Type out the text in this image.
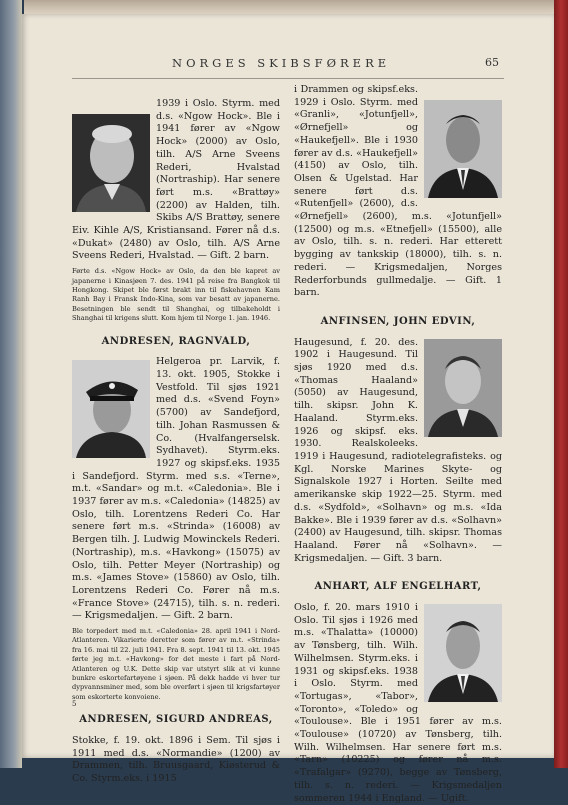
NORGES SKIBSFØRERE	65

1939 i Oslo. Styrm. med d.s. «Ngow Hock». Ble i 1941 fører av «Ngow Hock» (2000) av Oslo, tilh. A/S Arne Sveens Rederi, Hvalstad (Nortraship). Har senere ført m.s. «Brattøy» (2200) av Halden, tilh. Skibs A/S Brattøy, senere Eiv. Kihle A/S, Kristiansand. Fører nå d.s. «Dukat» (2480) av Oslo, tilh. A/S Arne Sveens Rederi, Hvalstad. — Gift. 2 barn.

Førte d.s. «Ngow Hock» av Oslo, da den ble kapret av japanerne i Kinasjøen 7. des. 1941 på reise fra Bangkok til Hongkong. Skipet ble først brakt inn til fiskehavnen Kam Ranh Bay i Fransk Indo-Kina, som var besatt av japanerne. Besetningen ble sendt til Shanghai, og tilbakeholdt i Shanghai til krigens slutt. Kom hjem til Norge 1. jan. 1946.

ANDRESEN, RAGNVALD,

Helgeroa pr. Larvik, f. 13. okt. 1905, Stokke i Vestfold. Til sjøs 1921 med d.s. «Svend Foyn» (5700) av Sandefjord, tilh. Johan Rasmussen & Co. (Hvalfangerselsk. Sydhavet). Styrm.eks. 1927 og skipsf.eks. 1935 i Sandefjord. Styrm. med s.s. «Terne», m.t. «Sandar» og m.t. «Caledonia». Ble i 1937 fører av m.s. «Caledonia» (14825) av Oslo, tilh. Lorentzens Rederi Co. Har senere ført m.s. «Strinda» (16008) av Bergen tilh. J. Ludwig Mowinckels Rederi. (Nortraship), m.s. «Havkong» (15075) av Oslo, tilh. Petter Meyer (Nortraship) og m.s. «James Stove» (15860) av Oslo, tilh. Lorentzens Rederi Co. Fører nå m.s. «France Stove» (24715), tilh. s. n. rederi. — Krigsmedaljen. — Gift. 2 barn.

Ble torpedert med m.t. «Caledonia» 28. april 1941 i Nord-Atlanteren. Vikarierte deretter som fører av m.t. «Strinda» fra 16. mai til 22. juli 1941. Fra 8. sept. 1941 til 13. okt. 1945 førte jeg m.t. «Havkong» for det meste i fart på Nord-Atlanteren og U.K. Dette skip var utstyrt slik at vi kunne bunkre eskortefartøyene i sjøen. På dekk hadde vi hver tur dypvannsminer med, som ble overført i sjøen til krigsfartøyer som eskorterte konvoiene.

ANDRESEN, SIGURD ANDREAS,

Stokke, f. 19. okt. 1896 i Sem. Til sjøs i 1911 med d.s. «Normandie» (1200) av Drammen, tilh. Bruusgaard, Kiøsterud & Co. Styrm.eks. i 1915

i Drammen og skipsf.eks. 1929 i Oslo. Styrm. med «Granli», «Jotunfjell», «Ørnefjell» og «Haukefjell». Ble i 1930 fører av d.s. «Haukefjell» (4150) av Oslo, tilh. Olsen & Ugelstad. Har senere ført d.s. «Rutenfjell» (2600), d.s. «Ørnefjell» (2600), m.s. «Jotunfjell» (12500) og m.s. «Etnefjell» (15500), alle av Oslo, tilh. s. n. rederi. Har etterett bygging av tankskip (18000), tilh. s. n. rederi. — Krigsmedaljen, Norges Rederforbunds gullmedalje. — Gift. 1 barn.

ANFINSEN, JOHN EDVIN,

Haugesund, f. 20. des. 1902 i Haugesund. Til sjøs 1920 med d.s. «Thomas Haaland» (5050) av Haugesund, tilh. skipsr. John K. Haaland. Styrm.eks. 1926 og skipsf. eks. 1930. Realskoleeks. 1919 i Haugesund, radiotelegrafisteks. og Kgl. Norske Marines Skyte- og Signalskole 1927 i Horten. Seilte med amerikanske skip 1922—25. Styrm. med d.s. «Sydfold», «Solhavn» og m.s. «Ida Bakke». Ble i 1939 fører av d.s. «Solhavn» (2400) av Haugesund, tilh. skipsr. Thomas Haaland. Fører nå «Solhavn». — Krigsmedaljen. — Gift. 3 barn.

ANHART, ALF ENGELHART,

Oslo, f. 20. mars 1910 i Oslo. Til sjøs i 1926 med m.s. «Thalatta» (10000) av Tønsberg, tilh. Wilh. Wilhelmsen. Styrm.eks. i 1931 og skipsf.eks. 1938 i Oslo. Styrm. med «Tortugas», «Tabor», «Toronto», «Toledo» og «Toulouse». Ble i 1951 fører av m.s. «Toulouse» (10720) av Tønsberg, tilh. Wilh. Wilhelmsen. Har senere ført m.s. «Tarn» (10225) og fører nå m.s. «Trafalgar» (9270), begge av Tønsberg, tilh. s. n. rederi. — Krigsmedaljen sommeren 1944 i England. — Ugift.

5
